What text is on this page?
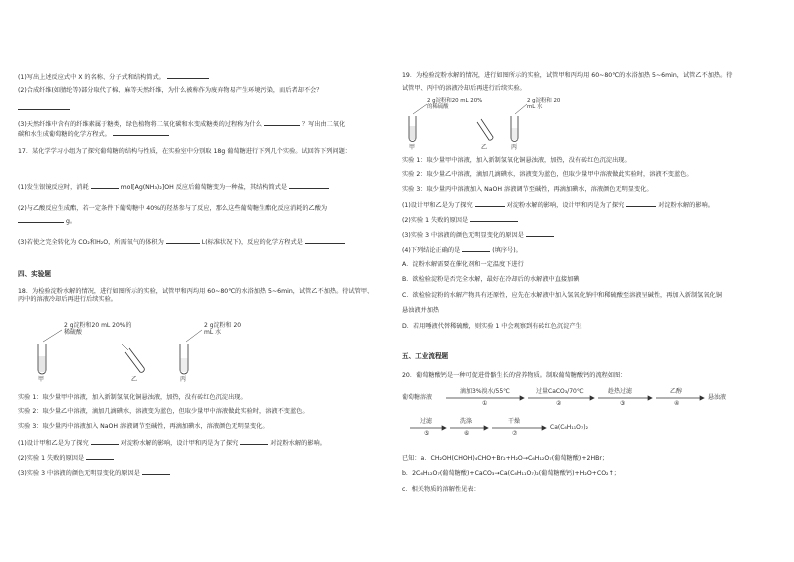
(1)写出上述反应式中 X 的名称、分子式和结构简式。
(2)合成纤维(如腈纶等)部分取代了棉、麻等天然纤维，为什么被称作为废弃物易产生环境污染，而后者却不会？
(3)天然纤维中含有的纤维素属于糖类，绿色植物将二氧化碳和水变成糖类的过程称为什么	？写出由二氧化
碳和水生成葡萄糖的化学方程式。
17．某化学学习小组为了探究葡萄糖的结构与性质，在实验室中分别取 18g 葡萄糖进行下列几个实验。试回答下列问题：
(1)发生银镜反应时，消耗	mol[Ag(NH₃)₂]OH 反应后葡萄糖变为一种盐，其结构简式是
(2)与乙酸反应生成酯，若一定条件下葡萄糖中 40%的羟基参与了反应，那么这些葡萄糖生酯化反应消耗的乙酸为
g。
(3)若使之完全转化为 CO₂和H₂O，所需氧气的体积为	L(标准状况下)，反应的化学方程式是
四、实验题
18．为检验淀粉水解的情况，进行如图所示的实验，试管甲和丙均用 60~80℃的水浴加热 5~6min，试管乙不加热。待试管甲、丙中的溶液冷却后再进行后续实验。
2 g淀粉和20 mL 20%的稀硫酸
2 g淀粉和 20 mL 水
甲	乙	丙
实验 1：取少量甲中溶液，加入新制氢氧化铜悬浊液，加热，没有砖红色沉淀出现。
实验 2：取少量乙中溶液，滴加几滴碘水，溶液变为蓝色，但取少量甲中溶液做此实验时，溶液不变蓝色。
实验 3：取少量丙中溶液加入 NaOH 溶液调节至碱性，再滴加碘水，溶液颜色无明显变化。
(1)设计甲和乙是为了探究	对淀粉水解的影响，设计甲和丙是为了探究	对淀粉水解的影响。
(2)实验 1 失败的原因是
(3)实验 3 中溶液的颜色无明显变化的原因是
19．为检验淀粉水解的情况，进行如图所示的实验，试管甲和丙均用 60~80℃的水浴加热 5~6min，试管乙不加热。待
试管甲、丙中的溶液冷却后再进行后续实验。
2 g淀粉和20 mL 20%的稀硫酸
2 g淀粉和 20 mL 水
甲	乙	丙
实验 1：取少量甲中溶液，加入新制氢氧化铜悬浊液，加热，没有砖红色沉淀出现。
实验 2：取少量乙中溶液，滴加几滴碘水，溶液变为蓝色，但取少量甲中溶液做此实验时，溶液不变蓝色。
实验 3：取少量丙中溶液加入 NaOH 溶液调节至碱性，再滴加碘水，溶液颜色无明显变化。
(1)设计甲和乙是为了探究	对淀粉水解的影响，设计甲和丙是为了探究	对淀粉水解的影响。
(2)实验 1 失败的原因是
(3)实验 3 中溶液的颜色无明显变化的原因是
(4)下列结论正确的是	(填序号)。
A．淀粉水解需要在催化剂和一定温度下进行
B．欲检验淀粉是否完全水解，最好在冷却后的水解液中直接加碘
C．欲检验淀粉的水解产物具有还原性，应先在水解液中加入氢氧化钠中和稀硫酸至溶液呈碱性，再加入新制氢氧化铜
悬浊液并加热
D．若用唾液代替稀硫酸，则实验 1 中会观察到有砖红色沉淀产生
五、工业流程题
20．葡萄糖酸钙是一种可促进骨骼生长的营养物质。制取葡萄糖酸钙的流程如图：
葡萄糖溶液
滴加3%溴水/55℃
①
过量CaCO₃/70℃
②
趁热过滤
③
乙醇
④
悬浊液
过滤
⑤
洗涤
⑥
干燥
⑦
Ca(C₆H₁₁O₇)₂
已知：a．CH₂OH(CHOH)₄CHO+Br₂+H₂O→C₆H₁₂O₇(葡萄糖酸)+2HBr；
b．2C₆H₁₂O₇(葡萄糖酸)+CaCO₃→Ca(C₆H₁₁O₇)₂(葡萄糖酸钙)+H₂O+CO₂↑；
c．相关物质的溶解性见表：
